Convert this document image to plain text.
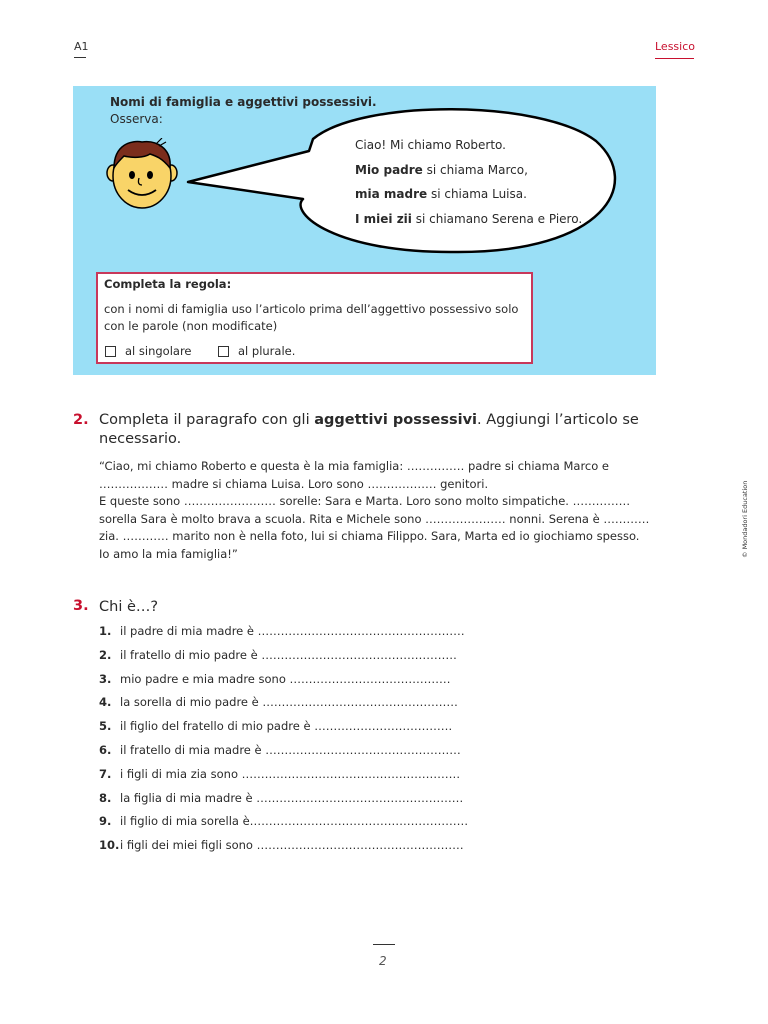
A1	Lessico
Nomi di famiglia e aggettivi possessivi.
Osserva:
Ciao! Mi chiamo Roberto.
Mio padre si chiama Marco,
mia madre si chiama Luisa.
I miei zii si chiamano Serena e Piero.
Completa la regola:
con i nomi di famiglia uso l’articolo prima dell’aggettivo possessivo solo con le parole (non modificate)
al singolare	al plurale.
2. Completa il paragrafo con gli aggettivi possessivi. Aggiungi l’articolo se necessario.
“Ciao, mi chiamo Roberto e questa è la mia famiglia: …………… padre si chiama Marco e
……………… madre si chiama Luisa. Loro sono ……………… genitori.
E queste sono …………………… sorelle: Sara e Marta. Loro sono molto simpatiche. ……………
sorella Sara è molto brava a scuola. Rita e Michele sono ………………… nonni. Serena è …………
zia. ………… marito non è nella foto, lui si chiama Filippo. Sara, Marta ed io giochiamo spesso.
Io amo la mia famiglia!”
3. Chi è…?
1. il padre di mia madre è ………………………………………………
2. il fratello di mio padre è ……………………………………………
3. mio padre e mia madre sono ……………………………………
4. la sorella di mio padre è ……………………………………………
5. il figlio del fratello di mio padre è ………………………………
6. il fratello di mia madre è ……………………………………………
7. i figli di mia zia sono …………………………………………………
8. la figlia di mia madre è ………………………………………………
9. il figlio di mia sorella è…………………………………………………
10. i figli dei miei figli sono ………………………………………………
© Mondadori Education
2
